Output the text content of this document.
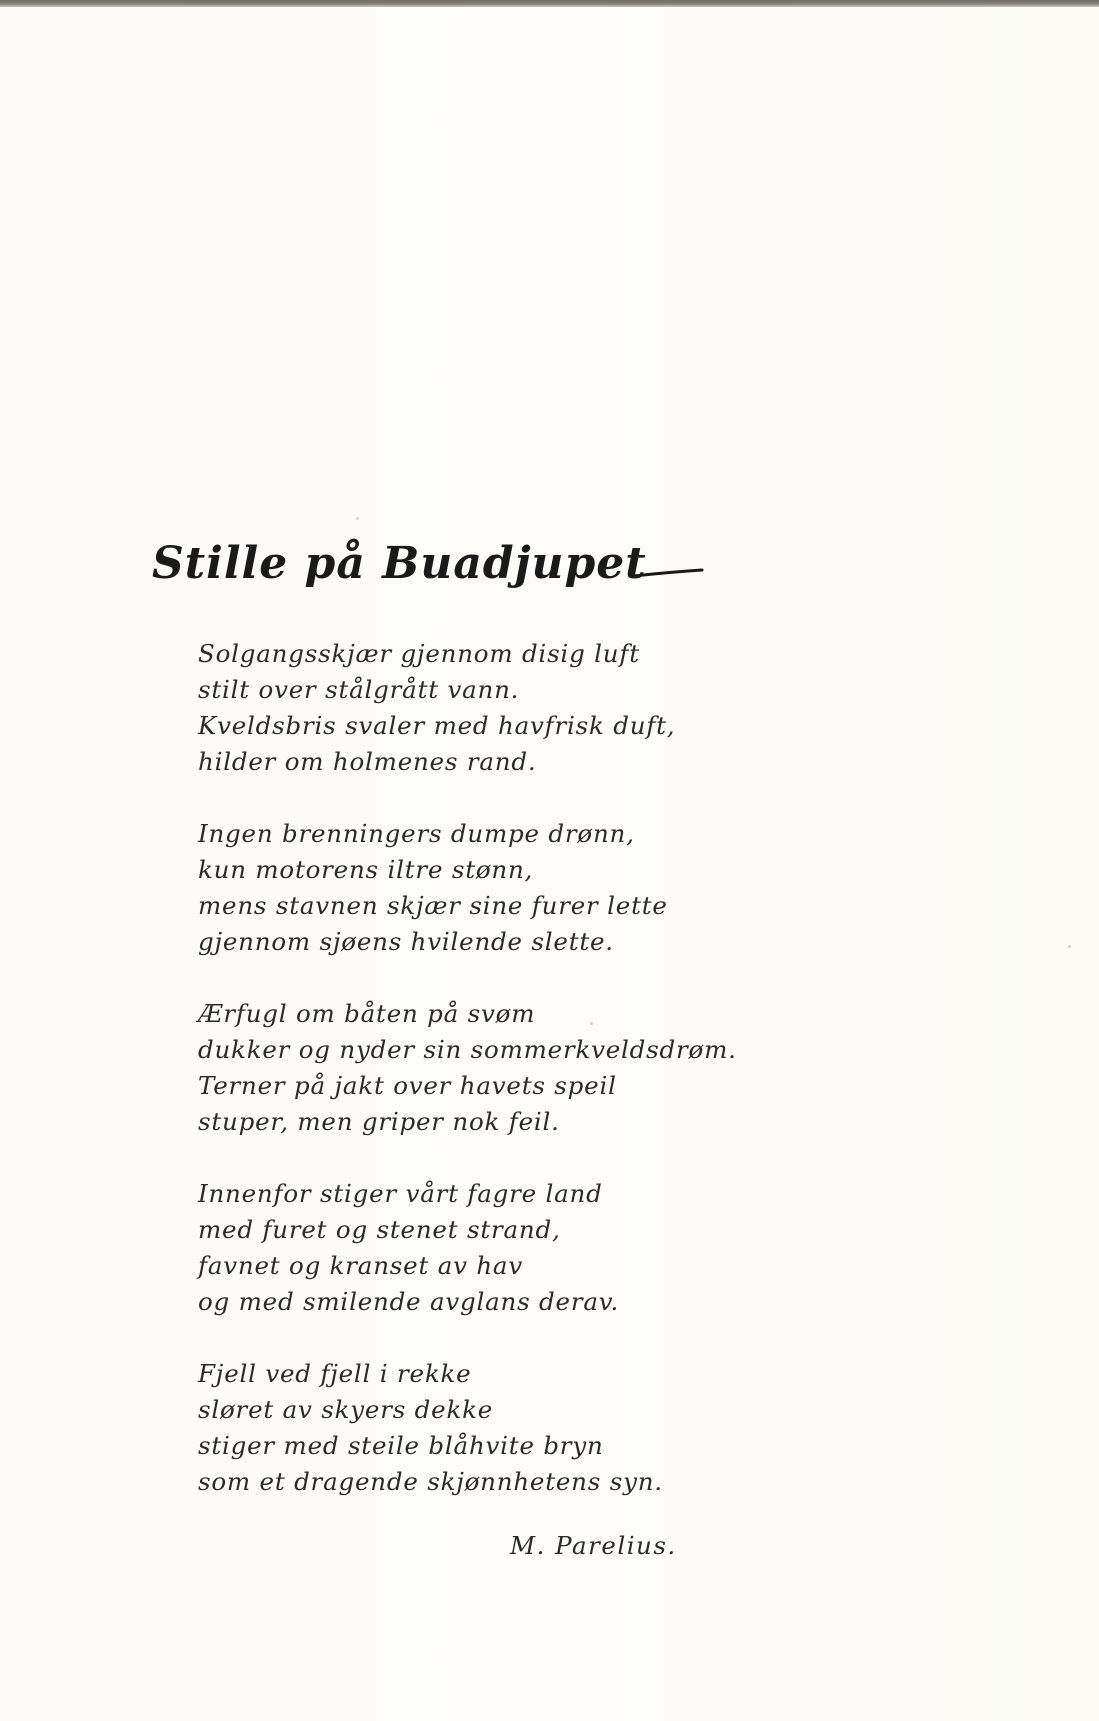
Stille på Buadjupet
Solgangsskjær gjennom disig luft
stilt over stålgrått vann.
Kveldsbris svaler med havfrisk duft,
hilder om holmenes rand.
Ingen brenningers dumpe drønn,
kun motorens iltre stønn,
mens stavnen skjær sine furer lette
gjennom sjøens hvilende slette.
Ærfugl om båten på svøm
dukker og nyder sin sommerkveldsdrøm.
Terner på jakt over havets speil
stuper, men griper nok feil.
Innenfor stiger vårt fagre land
med furet og stenet strand,
favnet og kranset av hav
og med smilende avglans derav.
Fjell ved fjell i rekke
sløret av skyers dekke
stiger med steile blåhvite bryn
som et dragende skjønnhetens syn.
M. Parelius.
